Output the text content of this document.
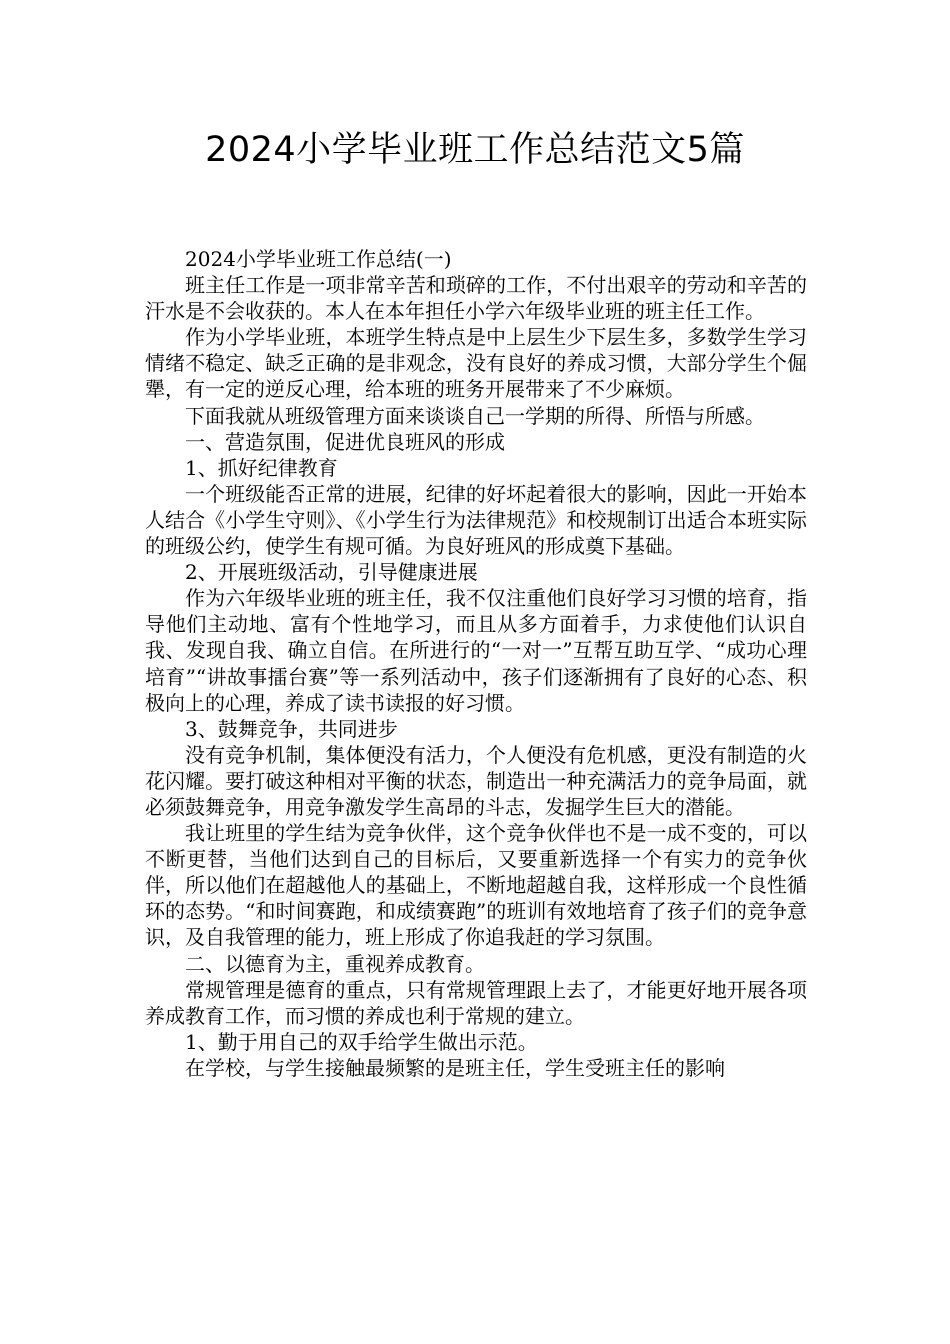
2024小学毕业班工作总结范文5篇

2024小学毕业班工作总结(一)

班主任工作是一项非常辛苦和琐碎的工作，不付出艰辛的劳动和辛苦的汗水是不会收获的。本人在本年担任小学六年级毕业班的班主任工作。

作为小学毕业班，本班学生特点是中上层生少下层生多，多数学生学习情绪不稳定、缺乏正确的是非观念，没有良好的养成习惯，大部分学生个倔犟，有一定的逆反心理，给本班的班务开展带来了不少麻烦。

下面我就从班级管理方面来谈谈自己一学期的所得、所悟与所感。

一、营造氛围，促进优良班风的形成

1、抓好纪律教育

一个班级能否正常的进展，纪律的好坏起着很大的影响，因此一开始本人结合《小学生守则》、《小学生行为法律规范》和校规制订出适合本班实际的班级公约，使学生有规可循。为良好班风的形成奠下基础。

2、开展班级活动，引导健康进展

作为六年级毕业班的班主任，我不仅注重他们良好学习习惯的培育，指导他们主动地、富有个性地学习，而且从多方面着手，力求使他们认识自我、发现自我、确立自信。在所进行的“一对一”互帮互助互学、“成功心理培育”“讲故事擂台赛”等一系列活动中，孩子们逐渐拥有了良好的心态、积极向上的心理，养成了读书读报的好习惯。

3、鼓舞竞争，共同进步

没有竞争机制，集体便没有活力，个人便没有危机感，更没有制造的火花闪耀。要打破这种相对平衡的状态，制造出一种充满活力的竞争局面，就必须鼓舞竞争，用竞争激发学生高昂的斗志，发掘学生巨大的潜能。

我让班里的学生结为竞争伙伴，这个竞争伙伴也不是一成不变的，可以不断更替，当他们达到自己的目标后，又要重新选择一个有实力的竞争伙伴，所以他们在超越他人的基础上，不断地超越自我，这样形成一个良性循环的态势。“和时间赛跑，和成绩赛跑”的班训有效地培育了孩子们的竞争意识，及自我管理的能力，班上形成了你追我赶的学习氛围。

二、以德育为主，重视养成教育。

常规管理是德育的重点，只有常规管理跟上去了，才能更好地开展各项养成教育工作，而习惯的养成也利于常规的建立。

1、勤于用自己的双手给学生做出示范。

在学校，与学生接触最频繁的是班主任，学生受班主任的影响
